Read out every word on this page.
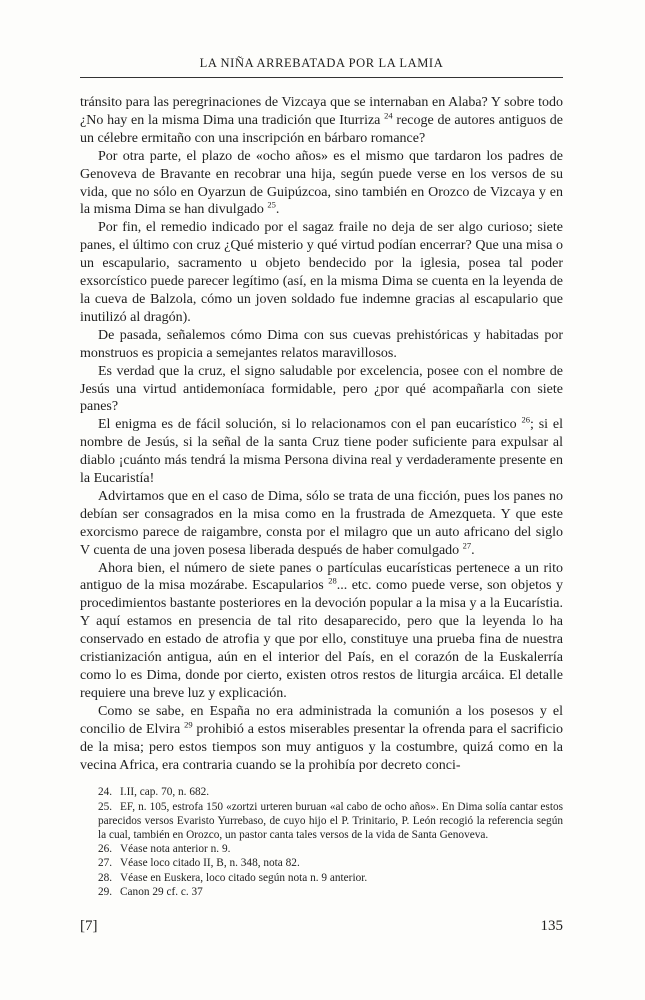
LA NIÑA ARREBATADA POR LA LAMIA

tránsito para las peregrinaciones de Vizcaya que se internaban en Alaba? Y sobre todo ¿No hay en la misma Dima una tradición que Iturriza $^{24}$ recoge de autores antiguos de un célebre ermitaño con una inscripción en bárbaro romance?

Por otra parte, el plazo de «ocho años» es el mismo que tardaron los padres de Genoveva de Bravante en recobrar una hija, según puede verse en los versos de su vida, que no sólo en Oyarzun de Guipúzcoa, sino también en Orozco de Vizcaya y en la misma Dima se han divulgado $^{25}$.

Por fin, el remedio indicado por el sagaz fraile no deja de ser algo curioso; siete panes, el último con cruz ¿Qué misterio y qué virtud podían encerrar? Que una misa o un escapulario, sacramento u objeto bendecido por la iglesia, posea tal poder exsorcístico puede parecer legítimo (así, en la misma Dima se cuenta en la leyenda de la cueva de Balzola, cómo un joven soldado fue indemne gracias al escapulario que inutilizó al dragón).

De pasada, señalemos cómo Dima con sus cuevas prehistóricas y habitadas por monstruos es propicia a semejantes relatos maravillosos.

Es verdad que la cruz, el signo saludable por excelencia, posee con el nombre de Jesús una virtud antidemoníaca formidable, pero ¿por qué acompañarla con siete panes?

El enigma es de fácil solución, si lo relacionamos con el pan eucarístico $^{26}$; si el nombre de Jesús, si la señal de la santa Cruz tiene poder suficiente para expulsar al diablo ¡cuánto más tendrá la misma Persona divina real y verdaderamente presente en la Eucaristía!

Advirtamos que en el caso de Dima, sólo se trata de una ficción, pues los panes no debían ser consagrados en la misa como en la frustrada de Amezqueta. Y que este exorcismo parece de raigambre, consta por el milagro que un auto africano del siglo V cuenta de una joven posesa liberada después de haber comulgado $^{27}$.

Ahora bien, el número de siete panes o partículas eucarísticas pertenece a un rito antiguo de la misa mozárabe. Escapularios $^{28}$... etc. como puede verse, son objetos y procedimientos bastante posteriores en la devoción popular a la misa y a la Eucarístia. Y aquí estamos en presencia de tal rito desaparecido, pero que la leyenda lo ha conservado en estado de atrofia y que por ello, constituye una prueba fina de nuestra cristianización antigua, aún en el interior del País, en el corazón de la Euskalerría como lo es Dima, donde por cierto, existen otros restos de liturgia arcáica. El detalle requiere una breve luz y explicación.

Como se sabe, en España no era administrada la comunión a los posesos y el concilio de Elvira $^{29}$ prohibió a estos miserables presentar la ofrenda para el sacrificio de la misa; pero estos tiempos son muy antiguos y la costumbre, quizá como en la vecina Africa, era contraria cuando se la prohibía por decreto conci-

24. I.II, cap. 70, n. 682.
25. EF, n. 105, estrofa 150 «zortzi urteren buruan «al cabo de ocho años». En Dima solía cantar estos parecidos versos Evaristo Yurrebaso, de cuyo hijo el P. Trinitario, P. León recogió la referencia según la cual, también en Orozco, un pastor canta tales versos de la vida de Santa Genoveva.
26. Véase nota anterior n. 9.
27. Véase loco citado II, B, n. 348, nota 82.
28. Véase en Euskera, loco citado según nota n. 9 anterior.
29. Canon 29 cf. c. 37
[7]	135
